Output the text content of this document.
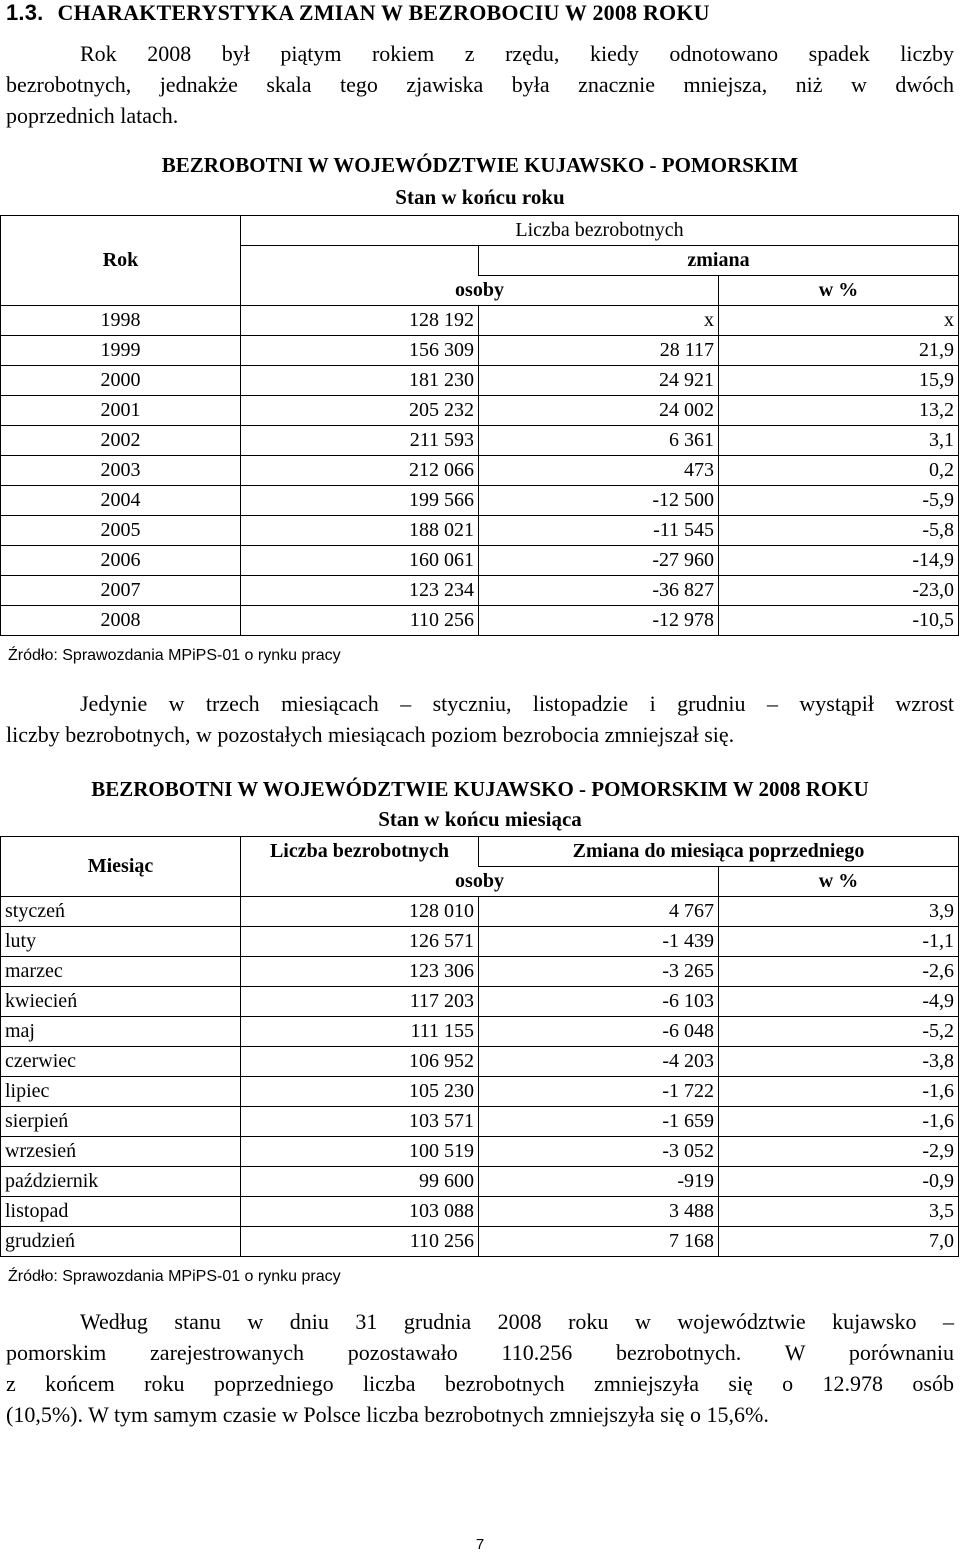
1.3. CHARAKTERYSTYKA ZMIAN W BEZROBOCIU W 2008 ROKU
Rok 2008 był piątym rokiem z rzędu, kiedy odnotowano spadek liczby
bezrobotnych, jednakże skala tego zjawiska była znacznie mniejsza, niż w dwóch
poprzednich latach.
BEZROBOTNI W WOJEWÓDZTWIE KUJAWSKO - POMORSKIM
Stan w końcu roku
Rok	Liczba bezrobotnych		
		zmiana	
	osoby		w %
1998	128 192	x	x
1999	156 309	28 117	21,9
2000	181 230	24 921	15,9
2001	205 232	24 002	13,2
2002	211 593	6 361	3,1
2003	212 066	473	0,2
2004	199 566	-12 500	-5,9
2005	188 021	-11 545	-5,8
2006	160 061	-27 960	-14,9
2007	123 234	-36 827	-23,0
2008	110 256	-12 978	-10,5
Źródło: Sprawozdania MPiPS-01 o rynku pracy
Jedynie w trzech miesiącach – styczniu, listopadzie i grudniu – wystąpił wzrost
liczby bezrobotnych, w pozostałych miesiącach poziom bezrobocia zmniejszał się.
BEZROBOTNI W WOJEWÓDZTWIE KUJAWSKO - POMORSKIM W 2008 ROKU
Stan w końcu miesiąca
Miesiąc	Liczba bezrobotnych	Zmiana do miesiąca poprzedniego	
	osoby		w %
styczeń	128 010	4 767	3,9
luty	126 571	-1 439	-1,1
marzec	123 306	-3 265	-2,6
kwiecień	117 203	-6 103	-4,9
maj	111 155	-6 048	-5,2
czerwiec	106 952	-4 203	-3,8
lipiec	105 230	-1 722	-1,6
sierpień	103 571	-1 659	-1,6
wrzesień	100 519	-3 052	-2,9
październik	99 600	-919	-0,9
listopad	103 088	3 488	3,5
grudzień	110 256	7 168	7,0
Źródło: Sprawozdania MPiPS-01 o rynku pracy
Według stanu w dniu 31 grudnia 2008 roku w województwie kujawsko –
pomorskim zarejestrowanych pozostawało 110.256 bezrobotnych. W porównaniu
z końcem roku poprzedniego liczba bezrobotnych zmniejszyła się o 12.978 osób
(10,5%). W tym samym czasie w Polsce liczba bezrobotnych zmniejszyła się o 15,6%.
7
